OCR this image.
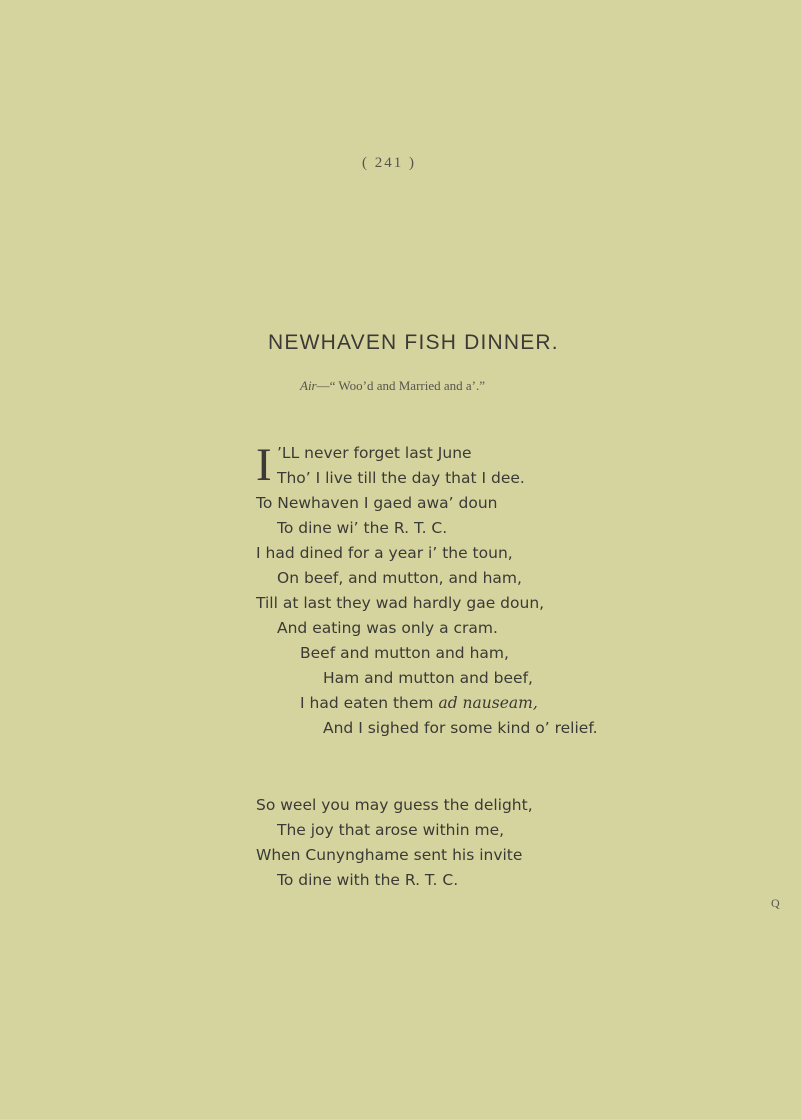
( 241 )
NEWHAVEN FISH DINNER.
Air—“ Woo’d and Married and a’.”
I ’LL never forget last June
Tho’ I live till the day that I dee.
To Newhaven I gaed awa’ doun
To dine wi’ the R. T. C.
I had dined for a year i’ the toun,
On beef, and mutton, and ham,
Till at last they wad hardly gae doun,
And eating was only a cram.
Beef and mutton and ham,
Ham and mutton and beef,
I had eaten them ad nauseam,
And I sighed for some kind o’ relief.
So weel you may guess the delight,
The joy that arose within me,
When Cunynghame sent his invite
To dine with the R. T. C.
Q
